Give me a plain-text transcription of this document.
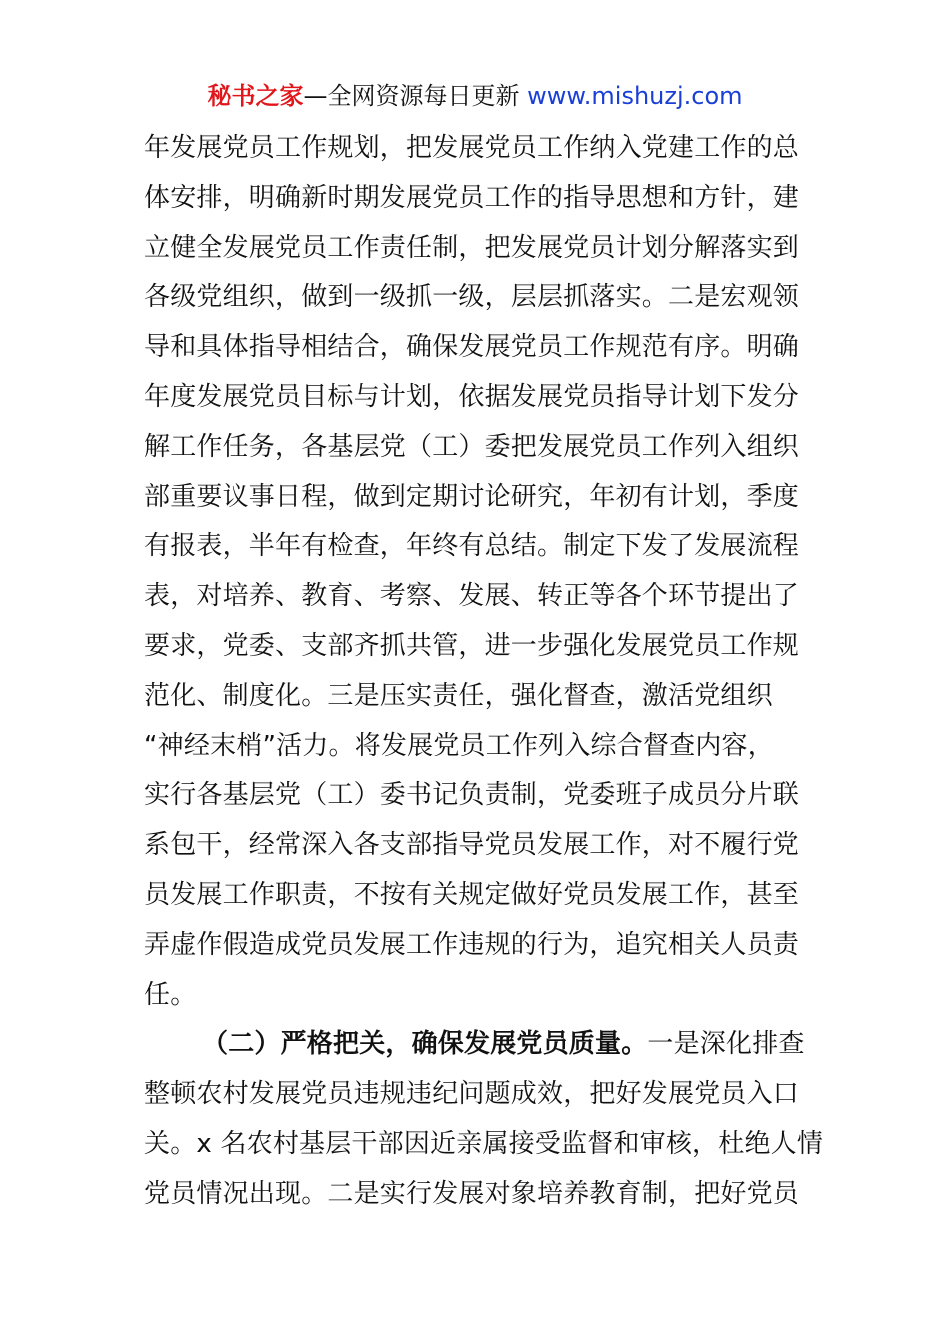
秘书之家—全网资源每日更新 www.mishuzj.com
年发展党员工作规划，把发展党员工作纳入党建工作的总
体安排，明确新时期发展党员工作的指导思想和方针，建
立健全发展党员工作责任制，把发展党员计划分解落实到
各级党组织，做到一级抓一级，层层抓落实。二是宏观领
导和具体指导相结合，确保发展党员工作规范有序。明确
年度发展党员目标与计划，依据发展党员指导计划下发分
解工作任务，各基层党（工）委把发展党员工作列入组织
部重要议事日程，做到定期讨论研究，年初有计划，季度
有报表，半年有检查，年终有总结。制定下发了发展流程
表，对培养、教育、考察、发展、转正等各个环节提出了
要求，党委、支部齐抓共管，进一步强化发展党员工作规
范化、制度化。三是压实责任，强化督查，激活党组织
“神经末梢”活力。将发展党员工作列入综合督查内容，
实行各基层党（工）委书记负责制，党委班子成员分片联
系包干，经常深入各支部指导党员发展工作，对不履行党
员发展工作职责，不按有关规定做好党员发展工作，甚至
弄虚作假造成党员发展工作违规的行为，追究相关人员责
任。
（二）严格把关，确保发展党员质量。一是深化排查
整顿农村发展党员违规违纪问题成效，把好发展党员入口
关。x 名农村基层干部因近亲属接受监督和审核，杜绝人情
党员情况出现。二是实行发展对象培养教育制，把好党员
